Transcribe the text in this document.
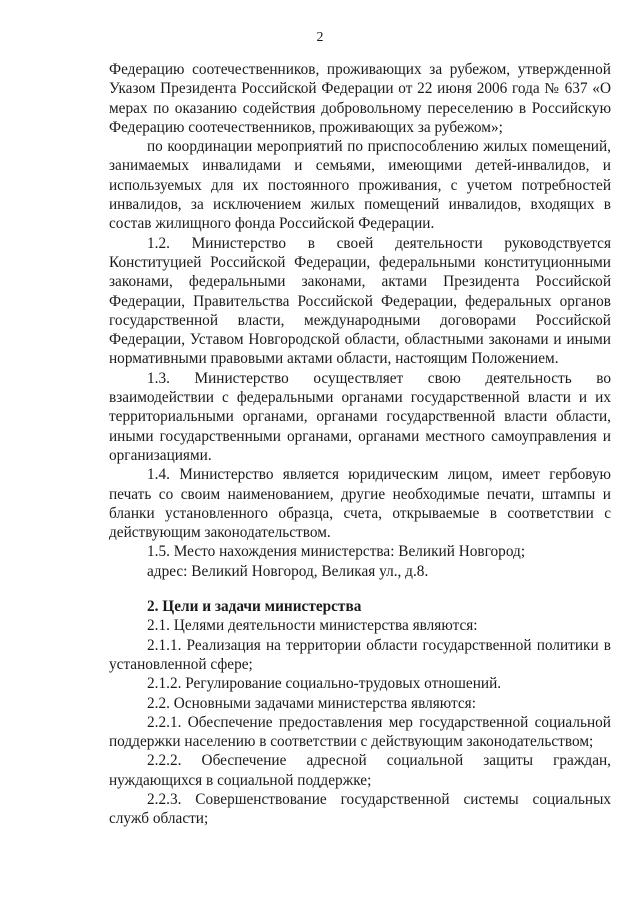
2

Федерацию соотечественников, проживающих за рубежом, утвержденной Указом Президента Российской Федерации от 22 июня 2006 года № 637 «О мерах по оказанию содействия добровольному переселению в Российскую Федерацию соотечественников, проживающих за рубежом»;

по координации мероприятий по приспособлению жилых помещений, занимаемых инвалидами и семьями, имеющими детей-инвалидов, и используемых для их постоянного проживания, с учетом потребностей инвалидов, за исключением жилых помещений инвалидов, входящих в состав жилищного фонда Российской Федерации.

1.2. Министерство в своей деятельности руководствуется Конституцией Российской Федерации, федеральными конституционными законами, федеральными законами, актами Президента Российской Федерации, Правительства Российской Федерации, федеральных органов государственной власти, международными договорами Российской Федерации, Уставом Новгородской области, областными законами и иными нормативными правовыми актами области, настоящим Положением.

1.3. Министерство осуществляет свою деятельность во взаимодействии с федеральными органами государственной власти и их территориальными органами, органами государственной власти области, иными государственными органами, органами местного самоуправления и организациями.

1.4. Министерство является юридическим лицом, имеет гербовую печать со своим наименованием, другие необходимые печати, штампы и бланки установленного образца, счета, открываемые в соответствии с действующим законодательством.

1.5. Место нахождения министерства: Великий Новгород;

адрес: Великий Новгород, Великая ул., д.8.

2. Цели и задачи министерства

2.1. Целями деятельности министерства являются:

2.1.1. Реализация на территории области государственной политики в установленной сфере;

2.1.2. Регулирование социально-трудовых отношений.

2.2. Основными задачами министерства являются:

2.2.1. Обеспечение предоставления мер государственной социальной поддержки населению в соответствии с действующим законодательством;

2.2.2. Обеспечение адресной социальной защиты граждан, нуждающихся в социальной поддержке;

2.2.3. Совершенствование государственной системы социальных служб области;
